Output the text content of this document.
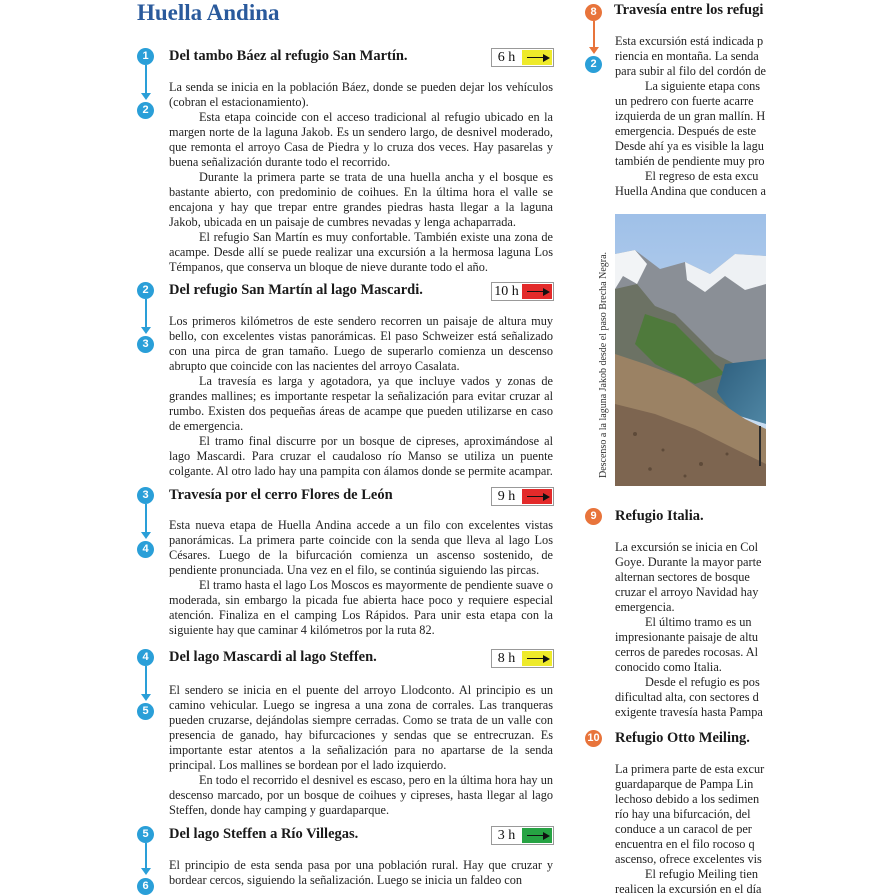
Huella Andina
1
2
Del tambo Báez al refugio San Martín.	6 h

La senda se inicia en la población Báez, donde se pueden dejar los vehículos (cobran el estacionamiento).

Esta etapa coincide con el acceso tradicional al refugio ubicado en la margen norte de la laguna Jakob. Es un sendero largo, de desnivel moderado, que remonta el arroyo Casa de Piedra y lo cruza dos veces. Hay pasarelas y buena señalización durante todo el recorrido.

Durante la primera parte se trata de una huella ancha y el bosque es bastante abierto, con predominio de coihues. En la última hora el valle se encajona y hay que trepar entre grandes piedras hasta llegar a la laguna Jakob, ubicada en un paisaje de cumbres nevadas y lenga achaparrada.

El refugio San Martín es muy confortable. También existe una zona de acampe. Desde allí se puede realizar una excursión a la hermosa laguna Los Témpanos, que conserva un bloque de nieve durante todo el año.

2
3
Del refugio San Martín al lago Mascardi.	10 h

Los primeros kilómetros de este sendero recorren un paisaje de altura muy bello, con excelentes vistas panorámicas. El paso Schweizer está señalizado con una pirca de gran tamaño. Luego de superarlo comienza un descenso abrupto que coincide con las nacientes del arroyo Casalata.

La travesía es larga y agotadora, ya que incluye vados y zonas de grandes mallines; es importante respetar la señalización para evitar cruzar al rumbo. Existen dos pequeñas áreas de acampe que pueden utilizarse en caso de emergencia.

El tramo final discurre por un bosque de cipreses, aproximándose al lago Mascardi. Para cruzar el caudaloso río Manso se utiliza un puente colgante. Al otro lado hay una pampita con álamos donde se permite acampar.

3
4
Travesía por el cerro Flores de León	9 h

Esta nueva etapa de Huella Andina accede a un filo con excelentes vistas panorámicas. La primera parte coincide con la senda que lleva al lago Los Césares. Luego de la bifurcación comienza un ascenso sostenido, de pendiente pronunciada. Una vez en el filo, se continúa siguiendo las pircas.

El tramo hasta el lago Los Moscos es mayormente de pendiente suave o moderada, sin embargo la picada fue abierta hace poco y requiere especial atención. Finaliza en el camping Los Rápidos. Para unir esta etapa con la siguiente hay que caminar 4 kilómetros por la ruta 82.

4
5
Del lago Mascardi al lago Steffen.	8 h

El sendero se inicia en el puente del arroyo Llodconto. Al principio es un camino vehicular. Luego se ingresa a una zona de corrales. Las tranqueras pueden cruzarse, dejándolas siempre cerradas. Como se trata de un valle con presencia de ganado, hay bifurcaciones y sendas que se entrecruzan. Es importante estar atentos a la señalización para no apartarse de la senda principal. Los mallines se bordean por el lado izquierdo.

En todo el recorrido el desnivel es escaso, pero en la última hora hay un descenso marcado, por un bosque de coihues y cipreses, hasta llegar al lago Steffen, donde hay camping y guardaparque.

5
6
Del lago Steffen a Río Villegas.	3 h

El principio de esta senda pasa por una población rural. Hay que cruzar y bordear cercos, siguiendo la señalización. Luego se inicia un faldeo con

8
2
Travesía entre los refugi
Esta excursión está indicada p
riencia en montaña. La senda
para subir al filo del cordón de
La siguiente etapa cons
un pedrero con fuerte acarre
izquierda de un gran mallín. H
emergencia. Después de este
Desde ahí ya es visible la lagu
también de pendiente muy pro
El regreso de esta excu
Huella Andina que conducen a
Descenso a la laguna Jakob desde el paso Brecha Negra.
9	Refugio Italia.
La excursión se inicia en Col
Goye. Durante la mayor parte
alternan sectores de bosque
cruzar el arroyo Navidad hay
emergencia.
El último tramo es un
impresionante paisaje de altu
cerros de paredes rocosas. Al
conocido como Italia.
Desde el refugio es pos
dificultad alta, con sectores d
exigente travesía hasta Pampa
10 Refugio Otto Meiling.
La primera parte de esta excur
guardaparque de Pampa Lin
lechoso debido a los sedimen
río hay una bifurcación, del
conduce a un caracol de per
encuentra en el filo rocoso q
ascenso, ofrece excelentes vis
El refugio Meiling tien
realicen la excursión en el día
